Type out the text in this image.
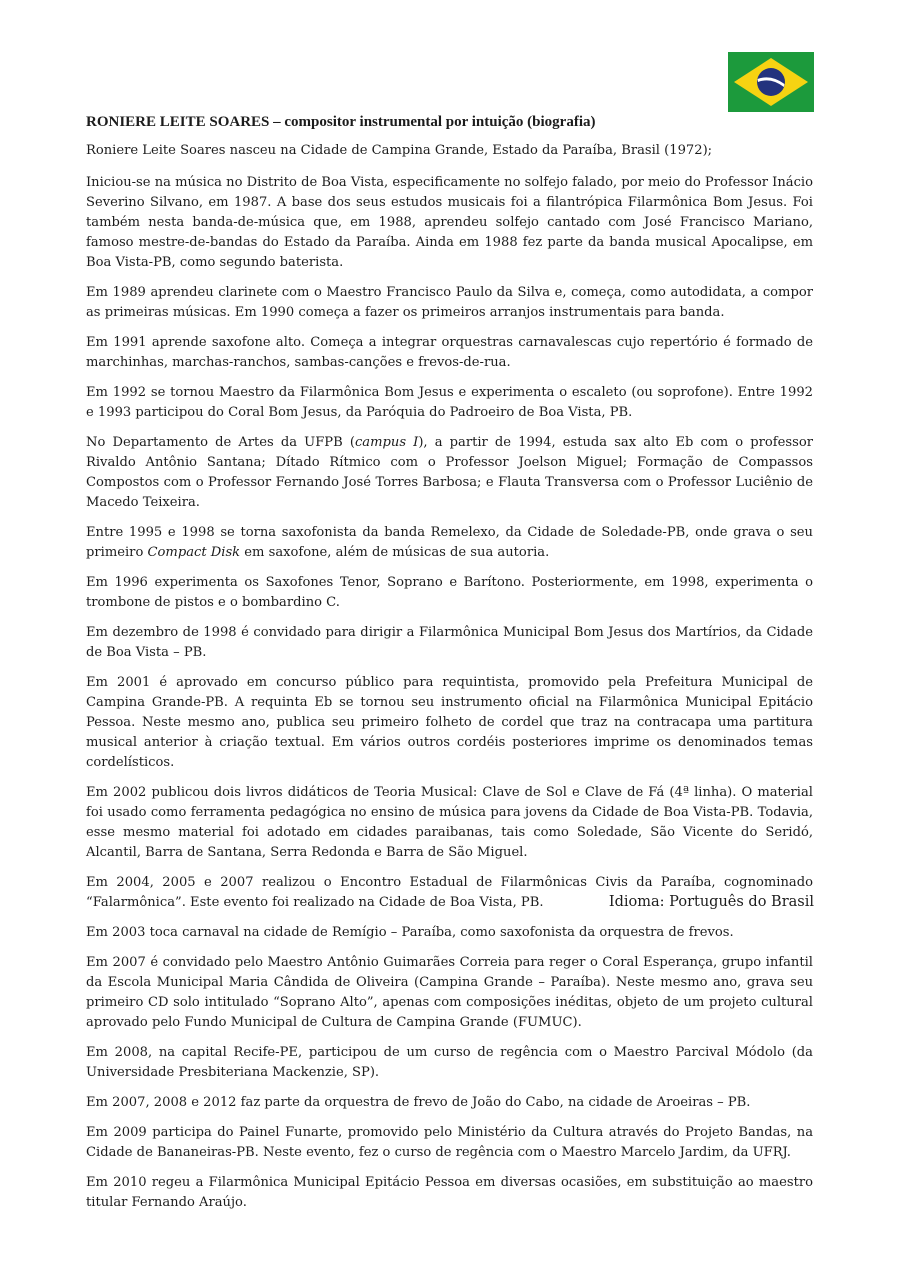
RONIERE LEITE SOARES – compositor instrumental por intuição (biografia)

Roniere Leite Soares nasceu na Cidade de Campina Grande, Estado da Paraíba, Brasil (1972);

Iniciou-se na música no Distrito de Boa Vista, especificamente no solfejo falado, por meio do Professor Inácio Severino Silvano, em 1987. A base dos seus estudos musicais foi a filantrópica Filarmônica Bom Jesus. Foi também nesta banda-de-música que, em 1988, aprendeu solfejo cantado com José Francisco Mariano, famoso mestre-de-bandas do Estado da Paraíba. Ainda em 1988 fez parte da banda musical Apocalipse, em Boa Vista-PB, como segundo baterista.

Em 1989 aprendeu clarinete com o Maestro Francisco Paulo da Silva e, começa, como autodidata, a compor as primeiras músicas. Em 1990 começa a fazer os primeiros arranjos instrumentais para banda.

Em 1991 aprende saxofone alto. Começa a integrar orquestras carnavalescas cujo repertório é formado de marchinhas, marchas-ranchos, sambas-canções e frevos-de-rua.

Em 1992 se tornou Maestro da Filarmônica Bom Jesus e experimenta o escaleto (ou soprofone). Entre 1992 e 1993 participou do Coral Bom Jesus, da Paróquia do Padroeiro de Boa Vista, PB.

No Departamento de Artes da UFPB (campus I), a partir de 1994, estuda sax alto Eb com o professor Rivaldo Antônio Santana; Dítado Rítmico com o Professor Joelson Miguel; Formação de Compassos Compostos com o Professor Fernando José Torres Barbosa; e Flauta Transversa com o Professor Luciênio de Macedo Teixeira.

Entre 1995 e 1998 se torna saxofonista da banda Remelexo, da Cidade de Soledade-PB, onde grava o seu primeiro Compact Disk em saxofone, além de músicas de sua autoria.

Em 1996 experimenta os Saxofones Tenor, Soprano e Barítono. Posteriormente, em 1998, experimenta o trombone de pistos e o bombardino C.

Em dezembro de 1998 é convidado para dirigir a Filarmônica Municipal Bom Jesus dos Martírios, da Cidade de Boa Vista – PB.

Em 2001 é aprovado em concurso público para requintista, promovido pela Prefeitura Municipal de Campina Grande-PB. A requinta Eb se tornou seu instrumento oficial na Filarmônica Municipal Epitácio Pessoa. Neste mesmo ano, publica seu primeiro folheto de cordel que traz na contracapa uma partitura musical anterior à criação textual. Em vários outros cordéis posteriores imprime os denominados temas cordelísticos.

Em 2002 publicou dois livros didáticos de Teoria Musical: Clave de Sol e Clave de Fá (4ª linha). O material foi usado como ferramenta pedagógica no ensino de música para jovens da Cidade de Boa Vista-PB. Todavia, esse mesmo material foi adotado em cidades paraibanas, tais como Soledade, São Vicente do Seridó, Alcantil, Barra de Santana, Serra Redonda e Barra de São Miguel.

Em 2004, 2005 e 2007 realizou o Encontro Estadual de Filarmônicas Civis da Paraíba, cognominado “Falarmônica”. Este evento foi realizado na Cidade de Boa Vista, PB.

Em 2003 toca carnaval na cidade de Remígio – Paraíba, como saxofonista da orquestra de frevos.

Em 2007 é convidado pelo Maestro Antônio Guimarães Correia para reger o Coral Esperança, grupo infantil da Escola Municipal Maria Cândida de Oliveira (Campina Grande – Paraíba). Neste mesmo ano, grava seu primeiro CD solo intitulado “Soprano Alto”, apenas com composições inéditas, objeto de um projeto cultural aprovado pelo Fundo Municipal de Cultura de Campina Grande (FUMUC).

Em 2008, na capital Recife-PE, participou de um curso de regência com o Maestro Parcival Módolo (da Universidade Presbiteriana Mackenzie, SP).

Em 2007, 2008 e 2012 faz parte da orquestra de frevo de João do Cabo, na cidade de Aroeiras – PB.

Em 2009 participa do Painel Funarte, promovido pelo Ministério da Cultura através do Projeto Bandas, na Cidade de Bananeiras-PB. Neste evento, fez o curso de regência com o Maestro Marcelo Jardim, da UFRJ.

Em 2010 regeu a Filarmônica Municipal Epitácio Pessoa em diversas ocasiões, em substituição ao maestro titular Fernando Araújo.

Idioma: Português do Brasil
